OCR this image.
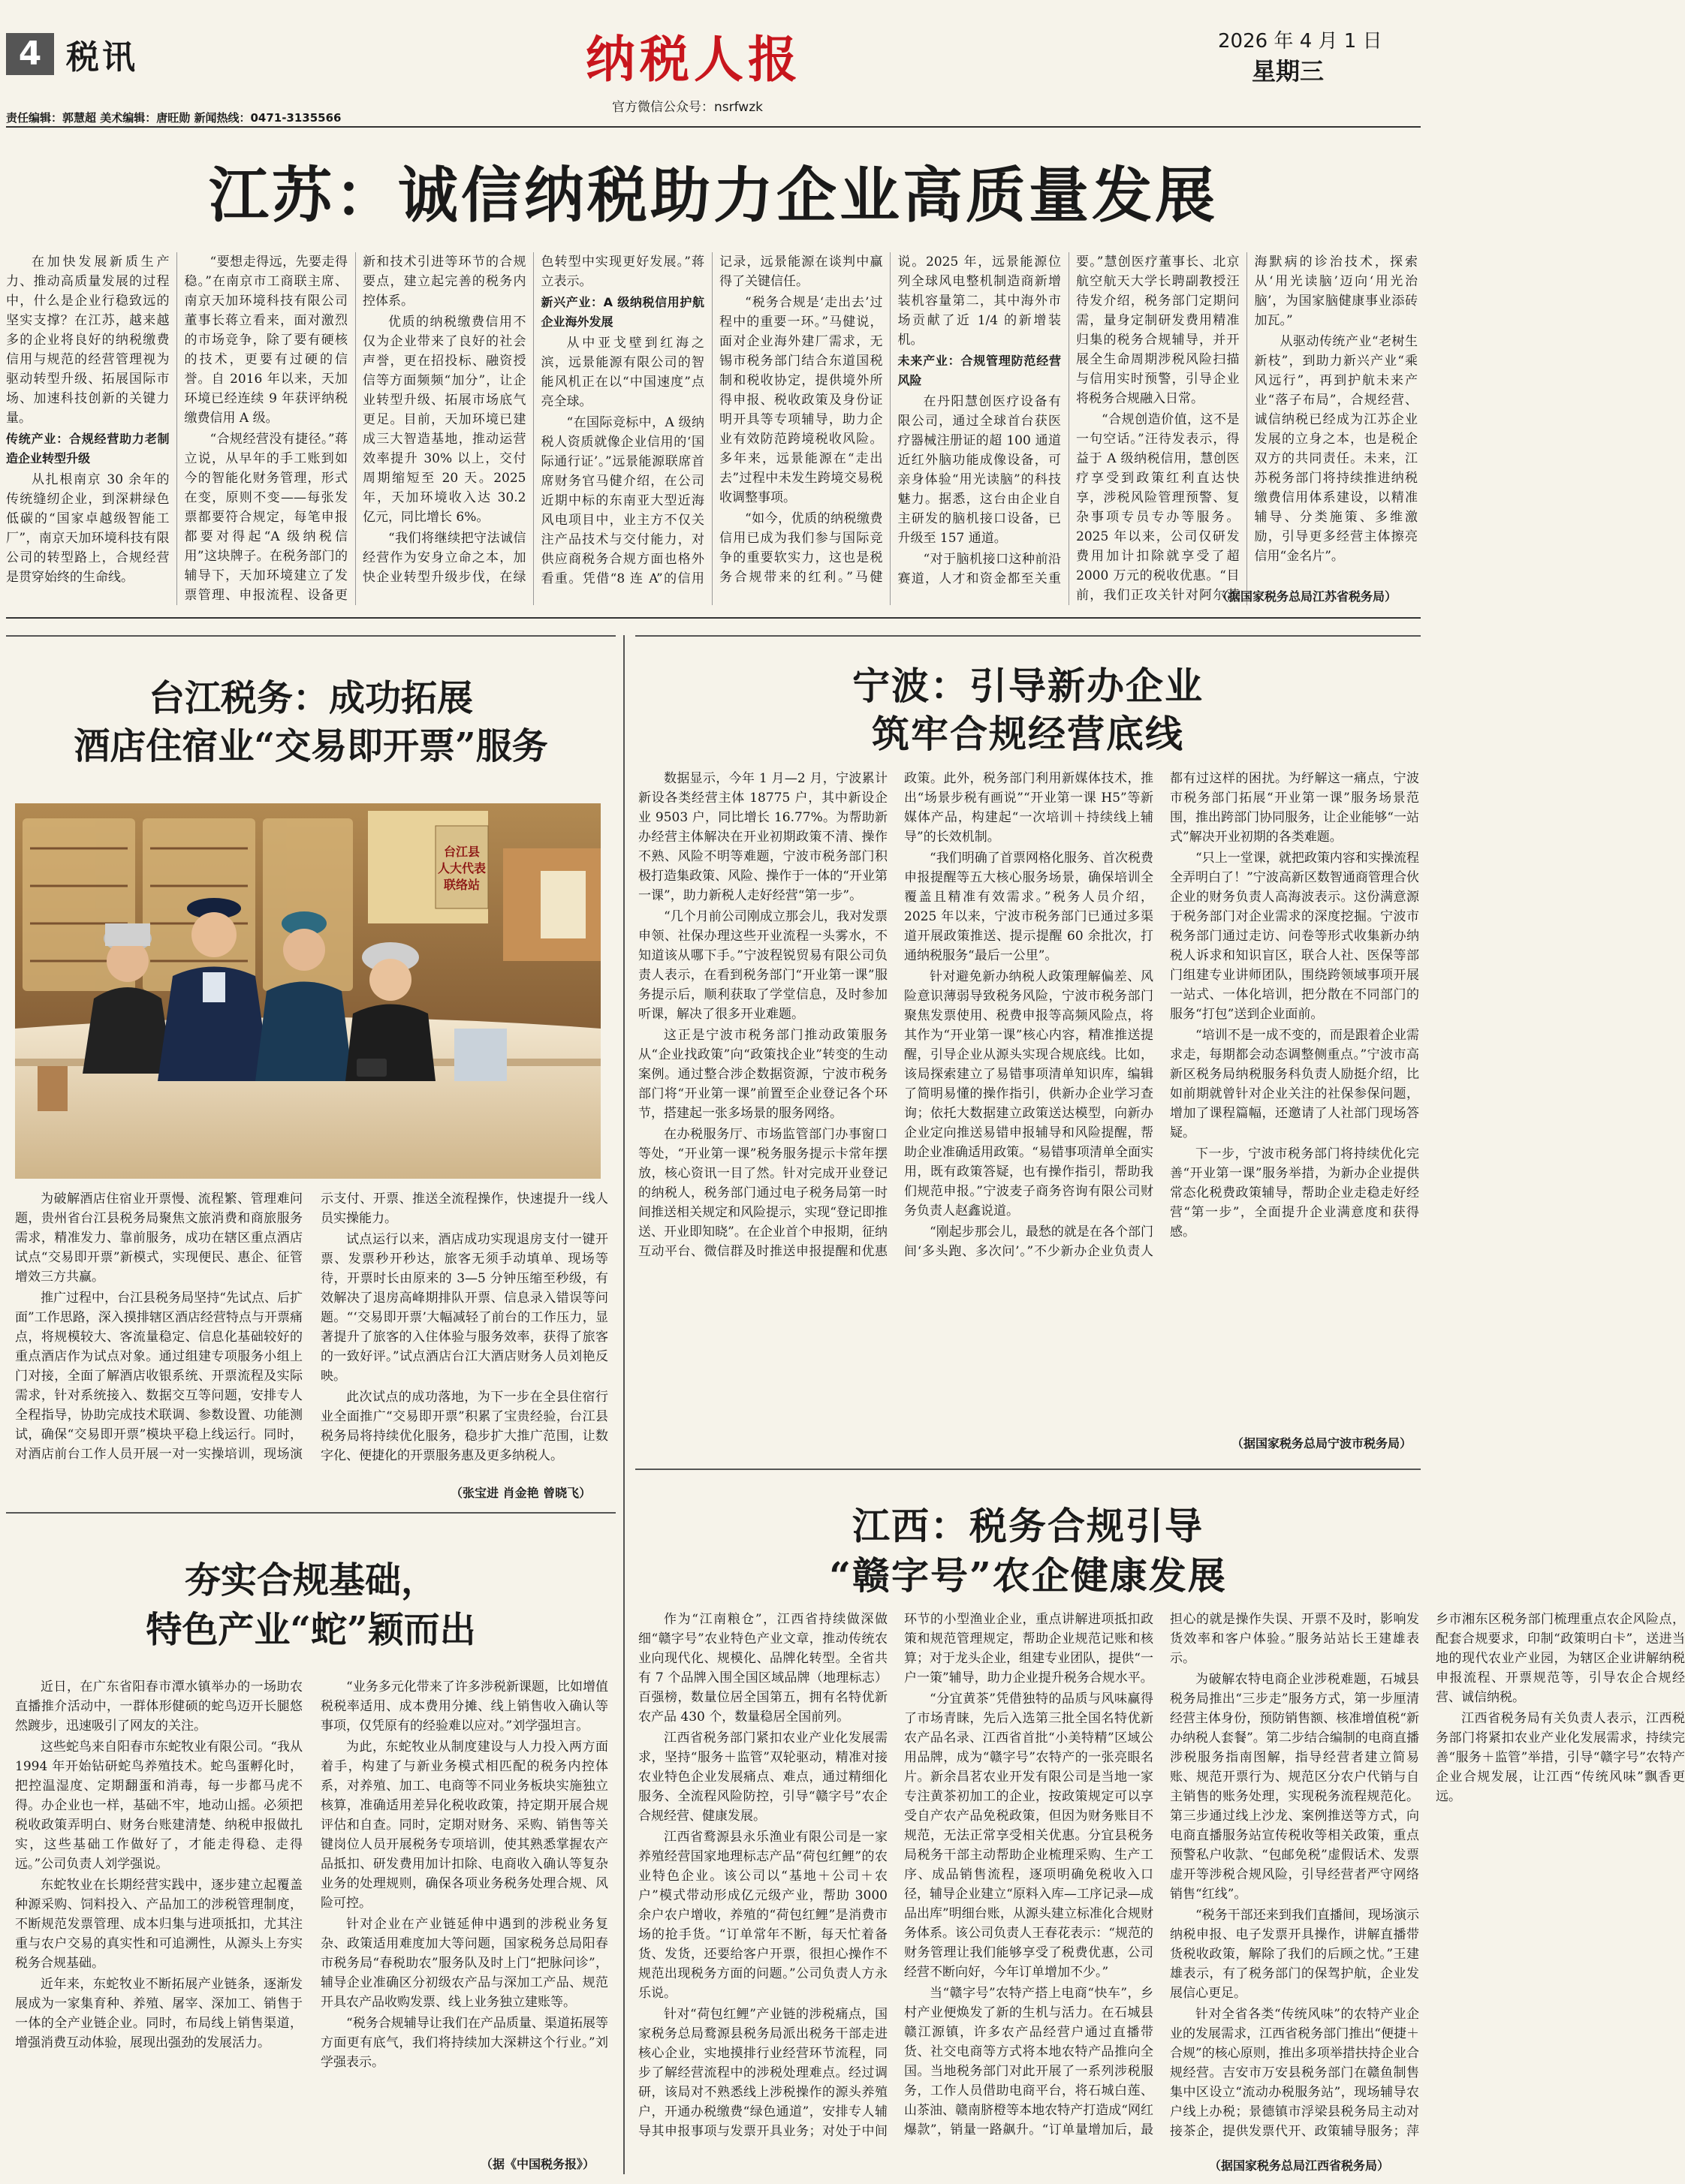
4 税讯	纳税人报
官方微信公众号：nsrfwzk
2026 年 4 月 1 日
星期三
责任编辑：郭慧超 美术编辑：唐旺勋 新闻热线：0471-3135566
江苏：诚信纳税助力企业高质量发展

在加快发展新质生产力、推动高质量发展的过程中，什么是企业行稳致远的坚实支撑？在江苏，越来越多的企业将良好的纳税缴费信用与规范的经营管理视为驱动转型升级、拓展国际市场、加速科技创新的关键力量。

传统产业：合规经营助力老制造企业转型升级

从扎根南京 30 余年的传统缝纫企业，到深耕绿色低碳的“国家卓越级智能工厂”，南京天加环境科技有限公司的转型路上，合规经营是贯穿始终的生命线。

“要想走得远，先要走得稳。”在南京市工商联主席、南京天加环境科技有限公司董事长蒋立看来，面对激烈的市场竞争，除了要有硬核的技术，更要有过硬的信誉。自 2016 年以来，天加环境已经连续 9 年获评纳税缴费信用 A 级。

“合规经营没有捷径。”蒋立说，从早年的手工账到如今的智能化财务管理，形式在变，原则不变——每张发票都要符合规定，每笔申报都要对得起“A 级纳税信用”这块牌子。在税务部门的辅导下，天加环境建立了发票管理、申报流程、设备更新和技术引进等环节的合规要点，建立起完善的税务内控体系。

优质的纳税缴费信用不仅为企业带来了良好的社会声誉，更在招投标、融资授信等方面频频“加分”，让企业转型升级、拓展市场底气更足。目前，天加环境已建成三大智造基地，推动运营效率提升 30% 以上，交付周期缩短至 20 天。2025 年，天加环境收入达 30.2 亿元，同比增长 6%。

“我们将继续把守法诚信经营作为安身立命之本，加快企业转型升级步伐，在绿色转型中实现更好发展。”蒋立表示。

新兴产业：A 级纳税信用护航企业海外发展

从中亚戈壁到红海之滨，远景能源有限公司的智能风机正在以“中国速度”点亮全球。

“在国际竞标中，A 级纳税人资质就像企业信用的‘国际通行证’。”远景能源联席首席财务官马健介绍，在公司近期中标的东南亚大型近海风电项目中，业主方不仅关注产品技术与交付能力，对供应商税务合规方面也格外看重。凭借“8 连 A”的信用记录，远景能源在谈判中赢得了关键信任。

“税务合规是‘走出去’过程中的重要一环。”马健说，面对企业海外建厂需求，无锡市税务部门结合东道国税制和税收协定，提供境外所得申报、税收政策及身份证明开具等专项辅导，助力企业有效防范跨境税收风险。多年来，远景能源在“走出去”过程中未发生跨境交易税收调整事项。

“如今，优质的纳税缴费信用已成为我们参与国际竞争的重要软实力，这也是税务合规带来的红利。”马健说。2025 年，远景能源位列全球风电整机制造商新增装机容量第二，其中海外市场贡献了近 1/4 的新增装机。

未来产业：合规管理防范经营风险

在丹阳慧创医疗设备有限公司，通过全球首台获医疗器械注册证的超 100 通道近红外脑功能成像设备，可亲身体验“用光读脑”的科技魅力。据悉，这台由企业自主研发的脑机接口设备，已升级至 157 通道。

“对于脑机接口这种前沿赛道，人才和资金都至关重要。”慧创医疗董事长、北京航空航天大学长聘副教授汪待发介绍，税务部门定期问需，量身定制研发费用精准归集的税务合规辅导，并开展全生命周期涉税风险扫描与信用实时预警，引导企业将税务合规融入日常。

“合规创造价值，这不是一句空话。”汪待发表示，得益于 A 级纳税信用，慧创医疗享受到政策红利直达快享，涉税风险管理预警、复杂事项专员专办等服务。2025 年以来，公司仅研发费用加计扣除就享受了超 2000 万元的税收优惠。“目前，我们正攻关针对阿尔茨海默病的诊治技术，探索从‘用光读脑’迈向‘用光治脑’，为国家脑健康事业添砖加瓦。”

从驱动传统产业“老树生新枝”，到助力新兴产业“乘风远行”，再到护航未来产业“落子布局”，合规经营、诚信纳税已经成为江苏企业发展的立身之本，也是税企双方的共同责任。未来，江苏税务部门将持续推进纳税缴费信用体系建设，以精准辅导、分类施策、多维激励，引导更多经营主体擦亮信用“金名片”。

（据国家税务总局江苏省税务局）
台江税务：成功拓展
酒店住宿业“交易即开票”服务
台江县人大代表联络站

为破解酒店住宿业开票慢、流程繁、管理难问题，贵州省台江县税务局聚焦文旅消费和商旅服务需求，精准发力、靠前服务，成功在辖区重点酒店试点“交易即开票”新模式，实现便民、惠企、征管增效三方共赢。

推广过程中，台江县税务局坚持“先试点、后扩面”工作思路，深入摸排辖区酒店经营特点与开票痛点，将规模较大、客流量稳定、信息化基础较好的重点酒店作为试点对象。通过组建专项服务小组上门对接，全面了解酒店收银系统、开票流程及实际需求，针对系统接入、数据交互等问题，安排专人全程指导，协助完成技术联调、参数设置、功能测试，确保“交易即开票”模块平稳上线运行。同时，对酒店前台工作人员开展一对一实操培训，现场演示支付、开票、推送全流程操作，快速提升一线人员实操能力。

试点运行以来，酒店成功实现退房支付一键开票、发票秒开秒达，旅客无须手动填单、现场等待，开票时长由原来的 3—5 分钟压缩至秒级，有效解决了退房高峰期排队开票、信息录入错误等问题。“‘交易即开票’大幅减轻了前台的工作压力，显著提升了旅客的入住体验与服务效率，获得了旅客的一致好评。”试点酒店台江大酒店财务人员刘艳反映。

此次试点的成功落地，为下一步在全县住宿行业全面推广“交易即开票”积累了宝贵经验，台江县税务局将持续优化服务，稳步扩大推广范围，让数字化、便捷化的开票服务惠及更多纳税人。

（张宝进 肖金艳 曾晓飞）
夯实合规基础，
特色产业“蛇”颖而出

近日，在广东省阳春市潭水镇举办的一场助农直播推介活动中，一群体形健硕的蛇鸟迈开长腿悠然踱步，迅速吸引了网友的关注。

这些蛇鸟来自阳春市东蛇牧业有限公司。“我从 1994 年开始钻研蛇鸟养殖技术。蛇鸟蛋孵化时，把控温湿度、定期翻蛋和消毒，每一步都马虎不得。办企业也一样，基础不牢，地动山摇。必须把税收政策弄明白、财务台账建清楚、纳税申报做扎实，这些基础工作做好了，才能走得稳、走得远。”公司负责人刘学强说。

东蛇牧业在长期经营实践中，逐步建立起覆盖种源采购、饲料投入、产品加工的涉税管理制度，不断规范发票管理、成本归集与进项抵扣，尤其注重与农户交易的真实性和可追溯性，从源头上夯实税务合规基础。

近年来，东蛇牧业不断拓展产业链条，逐渐发展成为一家集育种、养殖、屠宰、深加工、销售于一体的全产业链企业。同时，布局线上销售渠道，增强消费互动体验，展现出强劲的发展活力。

“业务多元化带来了许多涉税新课题，比如增值税税率适用、成本费用分摊、线上销售收入确认等事项，仅凭原有的经验难以应对。”刘学强坦言。

为此，东蛇牧业从制度建设与人力投入两方面着手，构建了与新业务模式相匹配的税务内控体系，对养殖、加工、电商等不同业务板块实施独立核算，准确适用差异化税收政策，持定期开展合规评估和自查。同时，定期对财务、采购、销售等关键岗位人员开展税务专项培训，使其熟悉掌握农产品抵扣、研发费用加计扣除、电商收入确认等复杂业务的处理规则，确保各项业务税务处理合规、风险可控。

针对企业在产业链延伸中遇到的涉税业务复杂、政策适用难度加大等问题，国家税务总局阳春市税务局“春税助农”服务队及时上门“把脉问诊”，辅导企业准确区分初级农产品与深加工产品、规范开具农产品收购发票、线上业务独立建账等。

“税务合规辅导让我们在产品质量、渠道拓展等方面更有底气，我们将持续加大深耕这个行业。”刘学强表示。

（据《中国税务报》）
宁波：引导新办企业
筑牢合规经营底线

数据显示，今年 1 月—2 月，宁波累计新设各类经营主体 18775 户，其中新设企业 9503 户，同比增长 16.77%。为帮助新办经营主体解决在开业初期政策不清、操作不熟、风险不明等难题，宁波市税务部门积极打造集政策、风险、操作于一体的“开业第一课”，助力新税人走好经营“第一步”。

“几个月前公司刚成立那会儿，我对发票申领、社保办理这些开业流程一头雾水，不知道该从哪下手。”宁波程锐贸易有限公司负责人表示，在看到税务部门“开业第一课”服务提示后，顺利获取了学堂信息，及时参加听课，解决了很多开业难题。

这正是宁波市税务部门推动政策服务从“企业找政策”向“政策找企业”转变的生动案例。通过整合涉企数据资源，宁波市税务部门将“开业第一课”前置至企业登记各个环节，搭建起一张多场景的服务网络。

在办税服务厅、市场监管部门办事窗口等处，“开业第一课”税务服务提示卡常年摆放，核心资讯一目了然。针对完成开业登记的纳税人，税务部门通过电子税务局第一时间推送相关规定和风险提示，实现“登记即推送、开业即知晓”。在企业首个申报期，征纳互动平台、微信群及时推送申报提醒和优惠政策。此外，税务部门利用新媒体技术，推出“场景步税有画说”“开业第一课 H5”等新媒体产品，构建起“一次培训＋持续线上辅导”的长效机制。

“我们明确了首票网格化服务、首次税费申报提醒等五大核心服务场景，确保培训全覆盖且精准有效需求。”税务人员介绍，2025 年以来，宁波市税务部门已通过多渠道开展政策推送、提示提醒 60 余批次，打通纳税服务“最后一公里”。

针对避免新办纳税人政策理解偏差、风险意识薄弱导致税务风险，宁波市税务部门聚焦发票使用、税费申报等高频风险点，将其作为“开业第一课”核心内容，精准推送提醒，引导企业从源头实现合规底线。比如，该局探索建立了易错事项清单知识库，编辑了简明易懂的操作指引，供新办企业学习查询；依托大数据建立政策送达模型，向新办企业定向推送易错申报辅导和风险提醒，帮助企业准确适用政策。“易错事项清单全面实用，既有政策答疑，也有操作指引，帮助我们规范申报。”宁波麦子商务咨询有限公司财务负责人赵鑫说道。

“刚起步那会儿，最愁的就是在各个部门间‘多头跑、多次问’。”不少新办企业负责人都有过这样的困扰。为纾解这一痛点，宁波市税务部门拓展“开业第一课”服务场景范围，推出跨部门协同服务，让企业能够“一站式”解决开业初期的各类难题。

“只上一堂课，就把政策内容和实操流程全弄明白了！”宁波高新区数智通商管理合伙企业的财务负责人高海波表示。这份满意源于税务部门对企业需求的深度挖掘。宁波市税务部门通过走访、问卷等形式收集新办纳税人诉求和知识盲区，联合人社、医保等部门组建专业讲师团队，围绕跨领域事项开展一站式、一体化培训，把分散在不同部门的服务“打包”送到企业面前。

“培训不是一成不变的，而是跟着企业需求走，每期都会动态调整侧重点。”宁波市高新区税务局纳税服务科负责人励挺介绍，比如前期就曾针对企业关注的社保参保问题，增加了课程篇幅，还邀请了人社部门现场答疑。

下一步，宁波市税务部门将持续优化完善“开业第一课”服务举措，为新办企业提供常态化税费政策辅导，帮助企业走稳走好经营“第一步”，全面提升企业满意度和获得感。

（据国家税务总局宁波市税务局）
江西：税务合规引导
“赣字号”农企健康发展

作为“江南粮仓”，江西省持续做深做细“赣字号”农业特色产业文章，推动传统农业向现代化、规模化、品牌化转型。全省共有 7 个品牌入围全国区域品牌（地理标志）百强榜，数量位居全国第五，拥有名特优新农产品 430 个，数量稳居全国前列。

江西省税务部门紧扣农业产业化发展需求，坚持“服务＋监管”双轮驱动，精准对接农业特色企业发展痛点、难点，通过精细化服务、全流程风险防控，引导“赣字号”农企合规经营、健康发展。

江西省鹜源县永乐渔业有限公司是一家养殖经营国家地理标志产品“荷包红鲤”的农业特色企业。该公司以“基地＋公司＋农户”模式带动形成亿元级产业，帮助 3000 余户农户增收，养殖的“荷包红鲤”是消费市场的抢手货。“订单常年不断，每天忙着备货、发货，还要给客户开票，很担心操作不规范出现税务方面的问题。”公司负责人方永乐说。

针对“荷包红鲤”产业链的涉税痛点，国家税务总局鹜源县税务局派出税务干部走进核心企业，实地摸排行业经营环节流程，同步了解经营流程中的涉税处理难点。经过调研，该局对不熟悉线上涉税操作的源头养殖户，开通办税缴费“绿色通道”，安排专人辅导其申报事项与发票开具业务；对处于中间环节的小型渔业企业，重点讲解进项抵扣政策和规范管理规定，帮助企业规范记账和核算；对于龙头企业，组建专业团队，提供“一户一策”辅导，助力企业提升税务合规水平。

“分宜黄茶”凭借独特的品质与风味赢得了市场青睐，先后入选第三批全国名特优新农产品名录、江西省首批“小美特精”区域公用品牌，成为“赣字号”农特产的一张亮眼名片。新余昌茗农业开发有限公司是当地一家专注黄茶初加工的企业，按政策规定可以享受自产农产品免税政策，但因为财务账目不规范，无法正常享受相关优惠。分宜县税务局税务干部主动帮助企业梳理采购、生产工序、成品销售流程，逐项明确免税收入口径，辅导企业建立“原料入库—工序记录—成品出库”明细台账，从源头建立标准化合规财务体系。该公司负责人王春花表示：“规范的财务管理让我们能够享受了税费优惠，公司经营不断向好，今年订单增加不少。”

当“赣字号”农特产搭上电商“快车”，乡村产业便焕发了新的生机与活力。在石城县赣江源镇，许多农产品经营户通过直播带货、社交电商等方式将本地农特产品推向全国。当地税务部门对此开展了一系列涉税服务，工作人员借助电商平台，将石城白莲、山茶油、赣南脐橙等本地农特产打造成“网红爆款”，销量一路飙升。“订单量增加后，最担心的就是操作失误、开票不及时，影响发货效率和客户体验。”服务站站长王建雄表示。

为破解农特电商企业涉税难题，石城县税务局推出“三步走”服务方式，第一步厘清经营主体身份，预防销售额、核准增值税“新办纳税人套餐”。第二步结合编制的电商直播涉税服务指南图解，指导经营者建立简易账、规范开票行为、规范区分农户代销与自主销售的账务处理，实现税务流程规范化。第三步通过线上沙龙、案例推送等方式，向电商直播服务站宣传税收等相关政策，重点预警私户收款、“包邮免税”虚假话术、发票虚开等涉税合规风险，引导经营者严守网络销售“红线”。

“税务干部还来到我们直播间，现场演示纳税申报、电子发票开具操作，讲解直播带货税收政策，解除了我们的后顾之忧。”王建雄表示，有了税务部门的保驾护航，企业发展信心更足。

针对全省各类“传统风味”的农特产业企业的发展需求，江西省税务部门推出“便捷＋合规”的核心原则，推出多项举措扶持企业合规经营。吉安市万安县税务部门在赣鱼制售集中区设立“流动办税服务站”，现场辅导农户线上办税；景德镇市浮梁县税务局主动对接茶企，提供发票代开、政策辅导服务；萍乡市湘东区税务部门梳理重点农企风险点，配套合规要求，印制“政策明白卡”，送进当地的现代农业产业园，为辖区企业讲解纳税申报流程、开票规范等，引导农企合规经营、诚信纳税。

江西省税务局有关负责人表示，江西税务部门将紧扣农业产业化发展需求，持续完善“服务＋监管”举措，引导“赣字号”农特产企业合规发展，让江西“传统风味”飘香更远。

（据国家税务总局江西省税务局）
